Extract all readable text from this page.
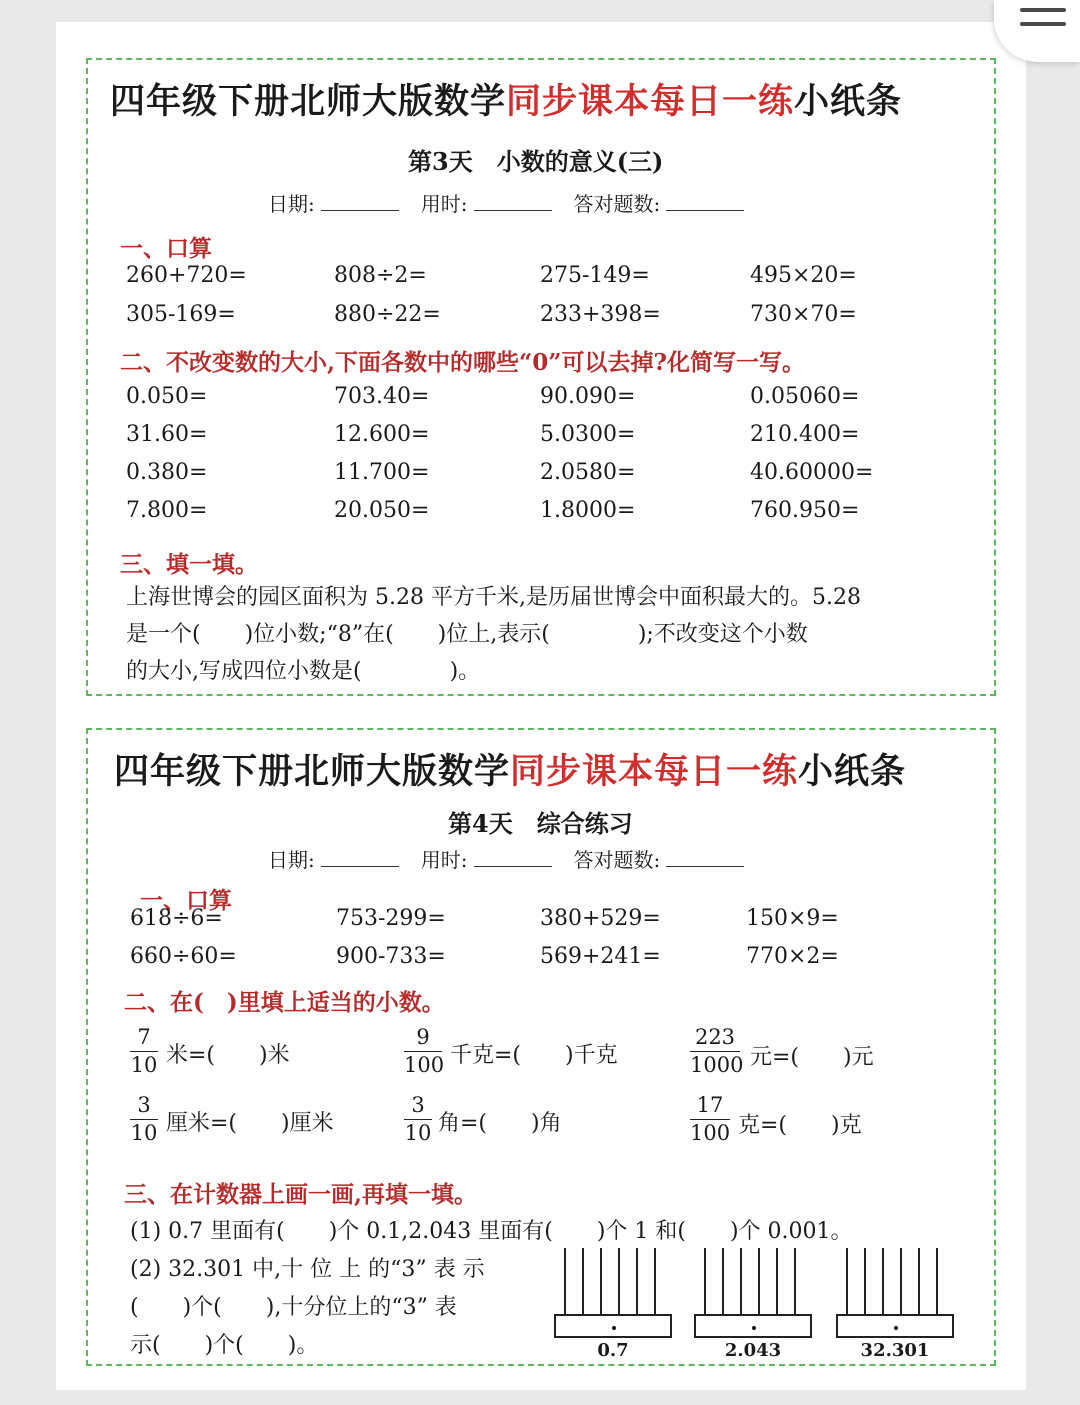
四年级下册北师大版数学同步课本每日一练小纸条
第3天　小数的意义(三)
日期:	用时:	答对题数:
一、口算
260+720=	808÷2=	275-149=	495×20=
305-169=	880÷22=	233+398=	730×70=
二、不改变数的大小,下面各数中的哪些“0”可以去掉?化简写一写。
0.050=	703.40=	90.090=	0.05060=
31.60=	12.600=	5.0300=	210.400=
0.380=	11.700=	2.0580=	40.60000=
7.800=	20.050=	1.8000=	760.950=
三、填一填。
上海世博会的园区面积为 5.28 平方千米,是历届世博会中面积最大的。5.28
是一个(　　)位小数;“8”在(　　)位上,表示(　　　　);不改变这个小数
的大小,写成四位小数是(　　　　)。
四年级下册北师大版数学同步课本每日一练小纸条
第4天　综合练习
日期:	用时:	答对题数:
一、口算
618÷6=	753-299=	380+529=	150×9=
660÷60=	900-733=	569+241=	770×2=
二、在(　)里填上适当的小数。
$\frac{7}{10}$ 米=(　　)米	$\frac{9}{100}$ 千克=(　　)千克	$\frac{223}{1000}$ 元=(　　)元
$\frac{3}{10}$ 厘米=(　　)厘米	$\frac{3}{10}$ 角=(　　)角	$\frac{17}{100}$ 克=(　　)克
三、在计数器上画一画,再填一填。
(1) 0.7 里面有(　　)个 0.1,2.043 里面有(　　)个 1 和(　　)个 0.001。
(2) 32.301 中,十 位 上 的“3” 表 示
(　　)个(　　),十分位上的“3” 表
示(　　)个(　　)。	0.7	2.043	32.301
